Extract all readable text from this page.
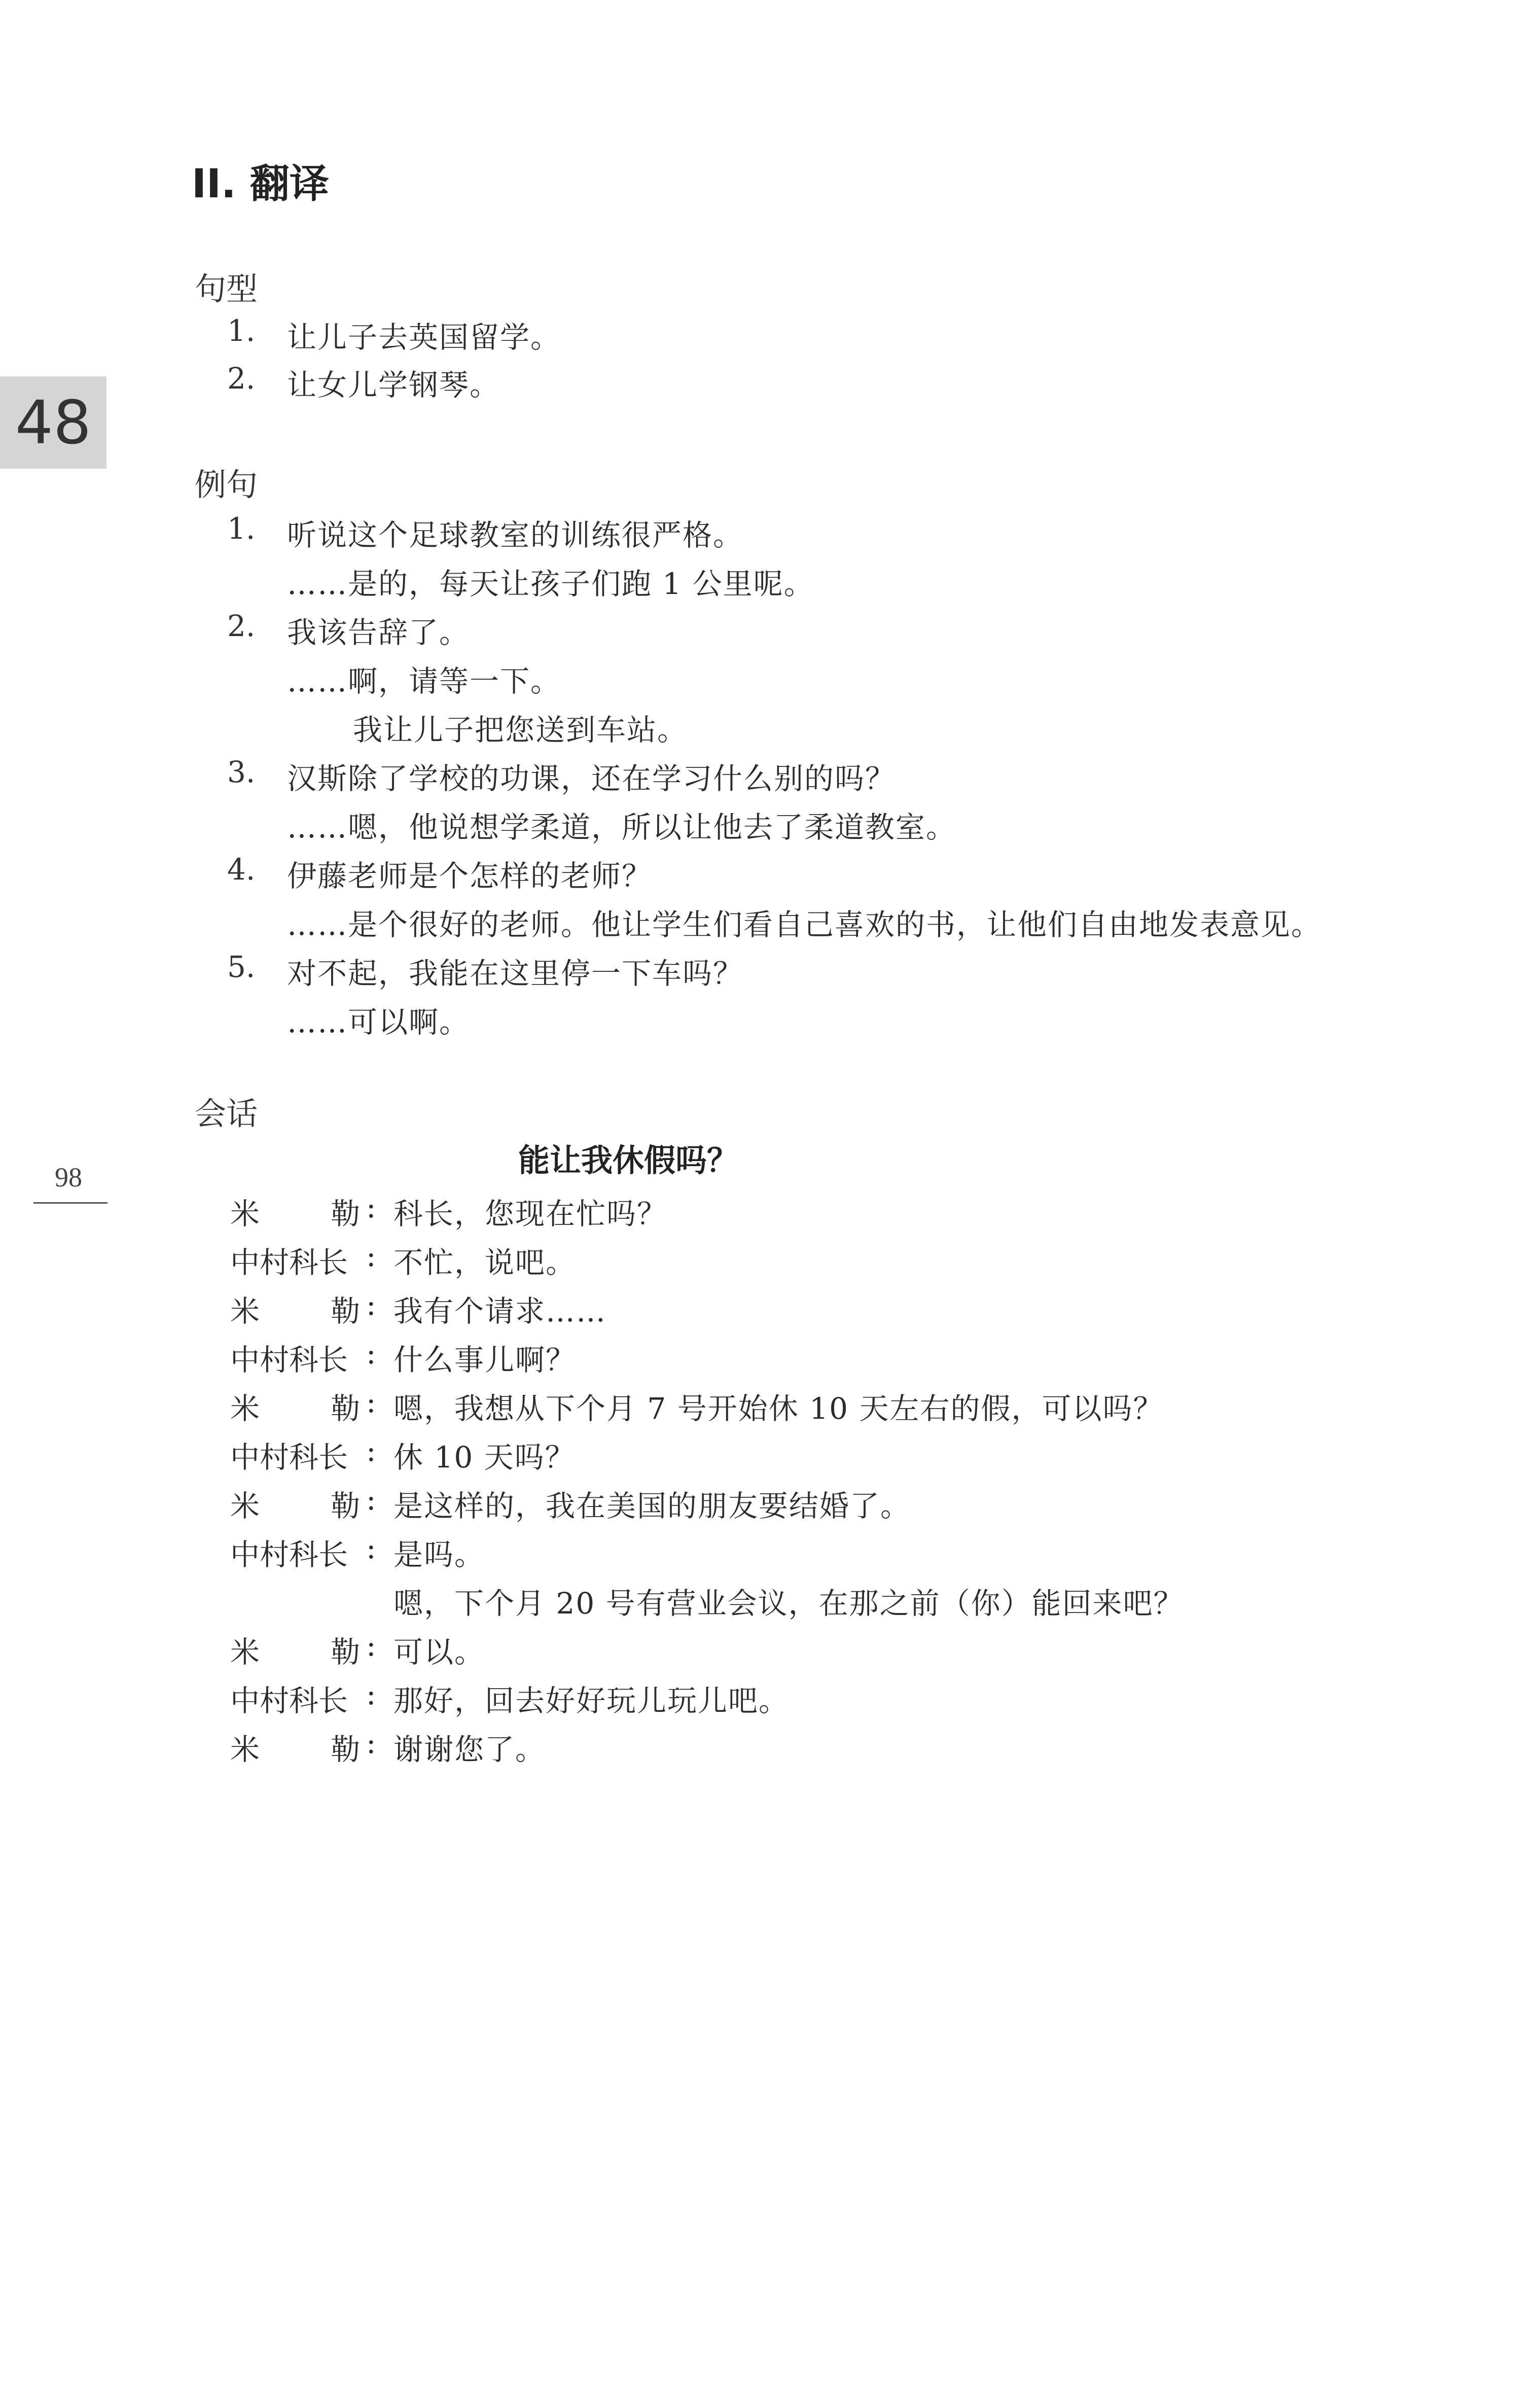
II. 翻译
48
98
句型
1. 让儿子去英国留学。
2. 让女儿学钢琴。
例句
1. 听说这个足球教室的训练很严格。
……是的，每天让孩子们跑 1 公里呢。
2. 我该告辞了。
……啊，请等一下。
我让儿子把您送到车站。
3. 汉斯除了学校的功课，还在学习什么别的吗？
……嗯，他说想学柔道，所以让他去了柔道教室。
4. 伊藤老师是个怎样的老师？
……是个很好的老师。他让学生们看自己喜欢的书，让他们自由地发表意见。
5. 对不起，我能在这里停一下车吗？
……可以啊。
会话
能让我休假吗？
米 勒 : 科长，您现在忙吗？
中村科长 : 不忙，说吧。
米 勒 : 我有个请求……
中村科长 : 什么事儿啊？
米 勒 : 嗯，我想从下个月 7 号开始休 10 天左右的假，可以吗？
中村科长 : 休 10 天吗？
米 勒 : 是这样的，我在美国的朋友要结婚了。
中村科长 : 是吗。
嗯，下个月 20 号有营业会议，在那之前（你）能回来吧？
米 勒 : 可以。
中村科长 : 那好，回去好好玩儿玩儿吧。
米 勒 : 谢谢您了。
